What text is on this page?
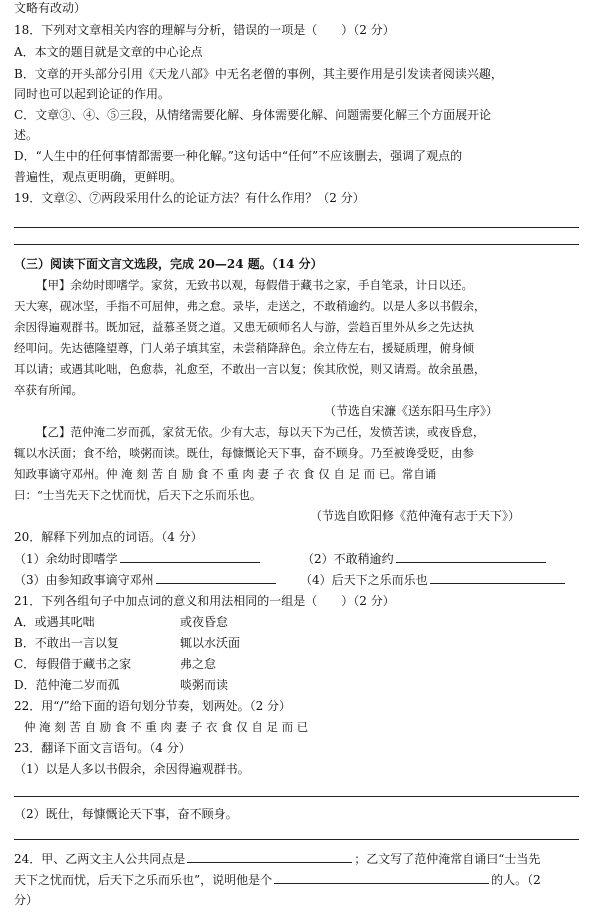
文略有改动）
18．下列对文章相关内容的理解与分析，错误的一项是（　　）（2 分）
A．本文的题目就是文章的中心论点
B．文章的开头部分引用《天龙八部》中无名老僧的事例，其主要作用是引发读者阅读兴趣，
同时也可以起到论证的作用。
C．文章③、④、⑤三段，从情绪需要化解、身体需要化解、问题需要化解三个方面展开论
述。
D．“人生中的任何事情都需要一种化解。”这句话中“任何”不应该删去，强调了观点的
普遍性，观点更明确，更鲜明。
19．文章②、⑦两段采用什么的论证方法？有什么作用？（2 分）
（三）阅读下面文言文选段，完成 20—24 题。（14 分）
【甲】余幼时即嗜学。家贫，无致书以观，每假借于藏书之家，手自笔录，计日以还。
天大寒，砚冰坚，手指不可屈伸，弗之怠。录毕，走送之，不敢稍逾约。以是人多以书假余，
余因得遍观群书。既加冠，益慕圣贤之道。又患无硕师名人与游，尝趋百里外从乡之先达执
经叩问。先达德隆望尊，门人弟子填其室，未尝稍降辞色。余立侍左右，援疑质理，俯身倾
耳以请；或遇其叱咄，色愈恭，礼愈至，不敢出一言以复；俟其欣悦，则又请焉。故余虽愚，
卒获有所闻。
（节选自宋濂《送东阳马生序》）
【乙】范仲淹二岁而孤，家贫无依。少有大志，每以天下为己任，发愤苦读，或夜昏怠，
辄以水沃面；食不给，啖粥而读。既仕，每慷慨论天下事，奋不顾身。乃至被谗受贬，由参
知政事谪守邓州。仲 淹 刻 苦 自 励 食 不 重 肉 妻 子 衣 食 仅 自 足 而 已。常自诵
曰：“士当先天下之忧而忧，后天下之乐而乐也。
（节选自欧阳修《范仲淹有志于天下》）
20．解释下列加点的词语。（4 分）
（1）余幼时即嗜学	（2）不敢稍逾约
（3）由参知政事谪守邓州	（4）后天下之乐而乐也
21．下列各组句子中加点词的意义和用法相同的一组是（　　）（2 分）
A．或遇其叱咄	或夜昏怠
B．不敢出一言以复	辄以水沃面
C．每假借于藏书之家	弗之怠
D．范仲淹二岁而孤	啖粥而读
22．用“/”给下面的语句划分节奏，划两处。（2 分）
仲 淹 刻 苦 自 励 食 不 重 肉 妻 子 衣 食 仅 自 足 而 已
23．翻译下面文言语句。（4 分）
（1）以是人多以书假余，余因得遍观群书。
（2）既仕，每慷慨论天下事，奋不顾身。
24．甲、乙两文主人公共同点是	；乙文写了范仲淹常自诵曰“士当先
天下之忧而忧，后天下之乐而乐也”，说明他是个	的人。（2
分）
